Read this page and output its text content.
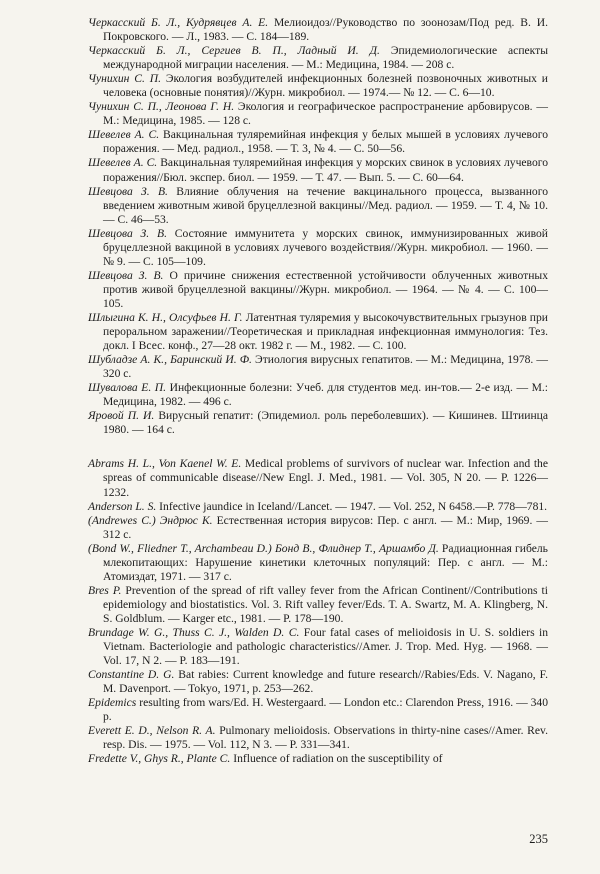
Черкасский Б. Л., Кудрявцев А. Е. Мелиоидоз//Руководство по зоонозам/Под ред. В. И. Покровского. — Л., 1983. — С. 184—189.

Черкасский Б. Л., Сергиев В. П., Ладный И. Д. Эпидемиологические аспекты международной миграции населения. — М.: Медицина, 1984. — 208 с.

Чунихин С. П. Экология возбудителей инфекционных болезней позвоночных животных и человека (основные понятия)//Журн. микробиол. — 1974.— № 12. — С. 6—10.

Чунихин С. П., Леонова Г. Н. Экология и географическое распространение арбовирусов. — М.: Медицина, 1985. — 128 с.

Шевелев А. С. Вакцинальная туляремийная инфекция у белых мышей в условиях лучевого поражения. — Мед. радиол., 1958. — Т. 3, № 4. — С. 50—56.

Шевелев А. С. Вакцинальная туляремийная инфекция у морских свинок в условиях лучевого поражения//Бюл. экспер. биол. — 1959. — Т. 47. — Вып. 5. — С. 60—64.

Шевцова З. В. Влияние облучения на течение вакцинального процесса, вызванного введением животным живой бруцеллезной вакцины//Мед. радиол. — 1959. — Т. 4, № 10. — С. 46—53.

Шевцова З. В. Состояние иммунитета у морских свинок, иммунизированных живой бруцеллезной вакциной в условиях лучевого воздействия//Журн. микробиол. — 1960. — № 9. — С. 105—109.

Шевцова З. В. О причине снижения естественной устойчивости облученных животных против живой бруцеллезной вакцины//Журн. микробиол. — 1964. — № 4. — С. 100—105.

Шлыгина К. Н., Олсуфьев Н. Г. Латентная туляремия у высокочувствительных грызунов при пероральном заражении//Теоретическая и прикладная инфекционная иммунология: Тез. докл. I Всес. конф., 27—28 окт. 1982 г. — М., 1982. — С. 100.

Шубладзе А. К., Баринский И. Ф. Этиология вирусных гепатитов. — М.: Медицина, 1978. — 320 с.

Шувалова Е. П. Инфекционные болезни: Учеб. для студентов мед. ин-тов.— 2-е изд. — М.: Медицина, 1982. — 496 с.

Яровой П. И. Вирусный гепатит: (Эпидемиол. роль переболевших). — Кишинев. Штиинца 1980. — 164 с.

Abrams H. L., Von Kaenel W. E. Medical problems of survivors of nuclear war. Infection and the spreas of communicable disease//New Engl. J. Med., 1981. — Vol. 305, N 20. — P. 1226—1232.

Anderson L. S. Infective jaundice in Iceland//Lancet. — 1947. — Vol. 252, N 6458.—P. 778—781.

(Andrewes C.) Эндрюс К. Естественная история вирусов: Пер. с англ. — М.: Мир, 1969. — 312 с.

(Bond W., Fliedner T., Archambeau D.) Бонд В., Флиднер Т., Аршамбо Д. Радиационная гибель млекопитающих: Нарушение кинетики клеточных популяций: Пер. с англ. — М.: Атомиздат, 1971. — 317 с.

Bres P. Prevention of the spread of rift valley fever from the African Continent//Contributions ti epidemiology and biostatistics. Vol. 3. Rift valley fever/Eds. T. A. Swartz, M. A. Klingberg, N. S. Goldblum. — Karger etc., 1981. — P. 178—190.

Brundage W. G., Thuss C. J., Walden D. C. Four fatal cases of melioidosis in U. S. soldiers in Vietnam. Bacteriologie and pathologic characteristics//Amer. J. Trop. Med. Hyg. — 1968. — Vol. 17, N 2. — P. 183—191.

Constantine D. G. Bat rabies: Current knowledge and future research//Rabies/Eds. V. Nagano, F. M. Davenport. — Tokyo, 1971, p. 253—262.

Epidemics resulting from wars/Ed. H. Westergaard. — London etc.: Clarendon Press, 1916. — 340 p.

Everett E. D., Nelson R. A. Pulmonary melioidosis. Observations in thirty-nine cases//Amer. Rev. resp. Dis. — 1975. — Vol. 112, N 3. — P. 331—341.

Fredette V., Ghys R., Plante C. Influence of radiation on the susceptibility of

235
